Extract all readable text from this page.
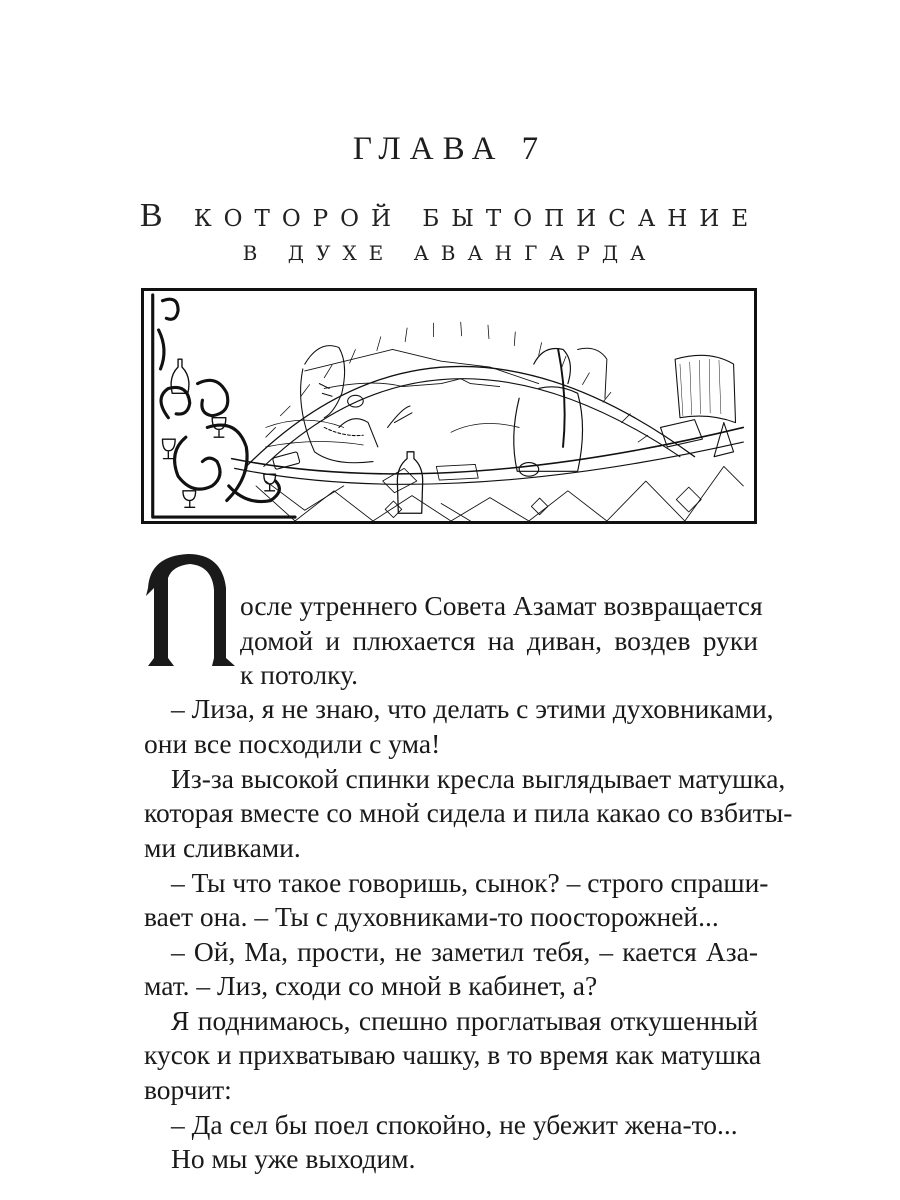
ГЛАВА 7
В КОТОРОЙ БЫТОПИСАНИЕ
В ДУХЕ АВАНГАРДА
осле утреннего Совета Азамат возвращается
домой и плюхается на диван, воздев руки
к потолку.
– Лиза, я не знаю, что делать с этими духовниками,
они все посходили с ума!
Из-за высокой спинки кресла выглядывает матушка,
которая вместе со мной сидела и пила какао со взбиты-
ми сливками.
– Ты что такое говоришь, сынок? – строго спраши-
вает она. – Ты с духовниками-то поосторожней...
– Ой, Ма, прости, не заметил тебя, – кается Аза-
мат. – Лиз, сходи со мной в кабинет, а?
Я поднимаюсь, спешно проглатывая откушенный
кусок и прихватываю чашку, в то время как матушка
ворчит:
– Да сел бы поел спокойно, не убежит жена-то...
Но мы уже выходим.
